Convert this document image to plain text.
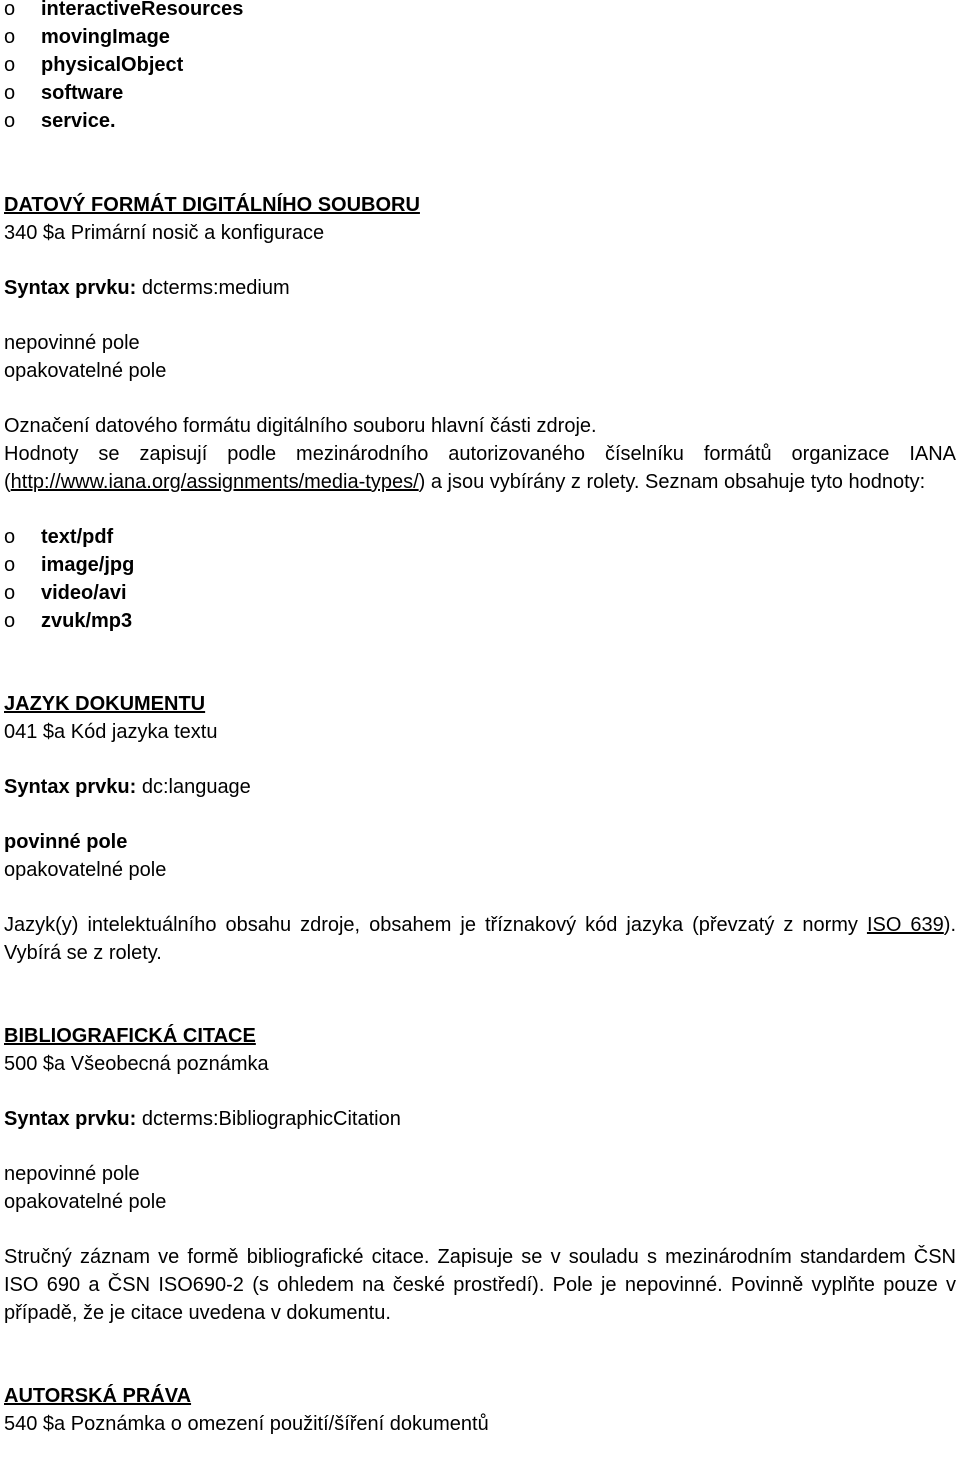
o	interactiveResources
o	movingImage
o	physicalObject
o	software
o	service.
DATOVÝ FORMÁT DIGITÁLNÍHO SOUBORU
340 $a Primární nosič a konfigurace
Syntax prvku: dcterms:medium
nepovinné pole
opakovatelné pole
Označení datového formátu digitálního souboru hlavní části zdroje.
Hodnoty se zapisují podle mezinárodního autorizovaného číselníku formátů organizace IANA (http://www.iana.org/assignments/media-types/) a jsou vybírány z rolety. Seznam obsahuje tyto hodnoty:
o	text/pdf
o	image/jpg
o	video/avi
o	zvuk/mp3
JAZYK DOKUMENTU
041 $a Kód jazyka textu
Syntax prvku: dc:language
povinné pole
opakovatelné pole
Jazyk(y) intelektuálního obsahu zdroje, obsahem je tříznakový kód jazyka (převzatý z normy ISO 639). Vybírá se z rolety.
BIBLIOGRAFICKÁ CITACE
500 $a Všeobecná poznámka
Syntax prvku: dcterms:BibliographicCitation
nepovinné pole
opakovatelné pole
Stručný záznam ve formě bibliografické citace. Zapisuje se v souladu s mezinárodním standardem ČSN ISO 690 a ČSN ISO690-2 (s ohledem na české prostředí). Pole je nepovinné. Povinně vyplňte pouze v případě, že je citace uvedena v dokumentu.
AUTORSKÁ PRÁVA
540 $a Poznámka o omezení použití/šíření dokumentů
